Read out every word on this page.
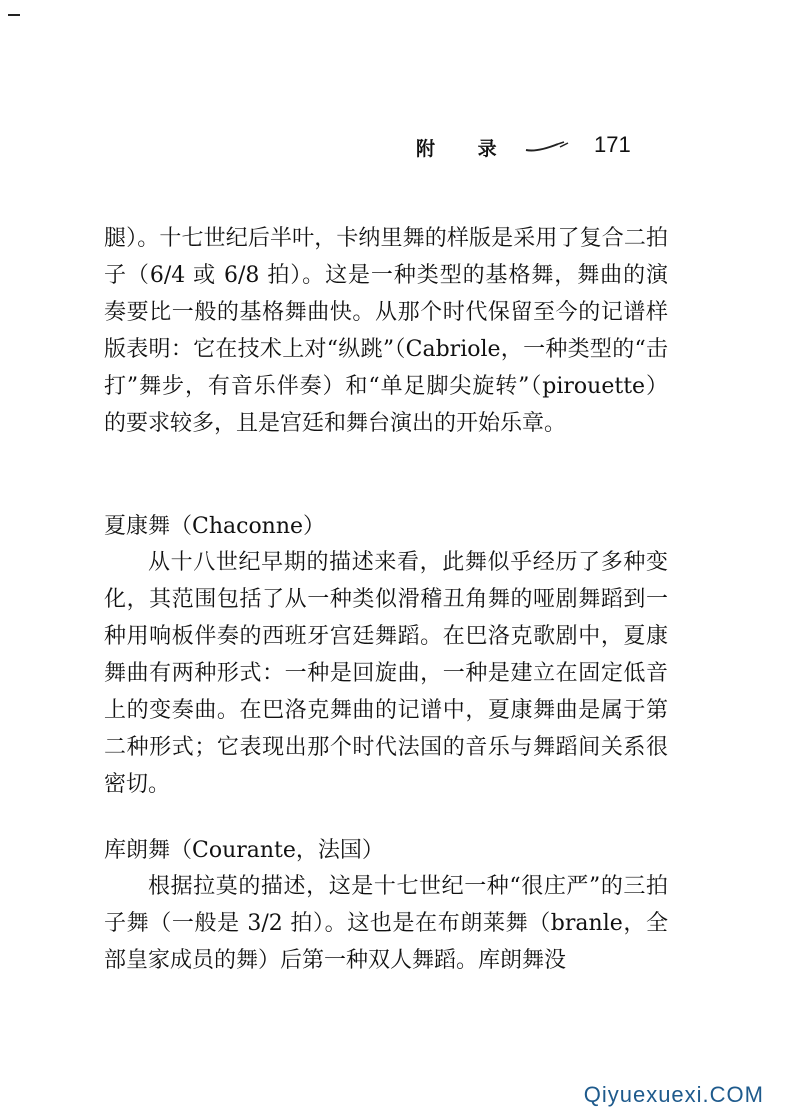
附 录	171

腿）。十七世纪后半叶，卡纳里舞的样版是采用了复合二拍子（6/4 或 6/8 拍）。这是一种类型的基格舞，舞曲的演奏要比一般的基格舞曲快。从那个时代保留至今的记谱样版表明：它在技术上对“纵跳”（Cabriole，一种类型的“击打”舞步，有音乐伴奏）和“单足脚尖旋转”（pirouette）的要求较多，且是宫廷和舞台演出的开始乐章。

夏康舞（Chaconne）

从十八世纪早期的描述来看，此舞似乎经历了多种变化，其范围包括了从一种类似滑稽丑角舞的哑剧舞蹈到一种用响板伴奏的西班牙宫廷舞蹈。在巴洛克歌剧中，夏康舞曲有两种形式：一种是回旋曲，一种是建立在固定低音上的变奏曲。在巴洛克舞曲的记谱中，夏康舞曲是属于第二种形式；它表现出那个时代法国的音乐与舞蹈间关系很密切。

库朗舞（Courante，法国）

根据拉莫的描述，这是十七世纪一种“很庄严”的三拍子舞（一般是 3/2 拍）。这也是在布朗莱舞（branle，全部皇家成员的舞）后第一种双人舞蹈。库朗舞没

Qiyuexuexi.COM
